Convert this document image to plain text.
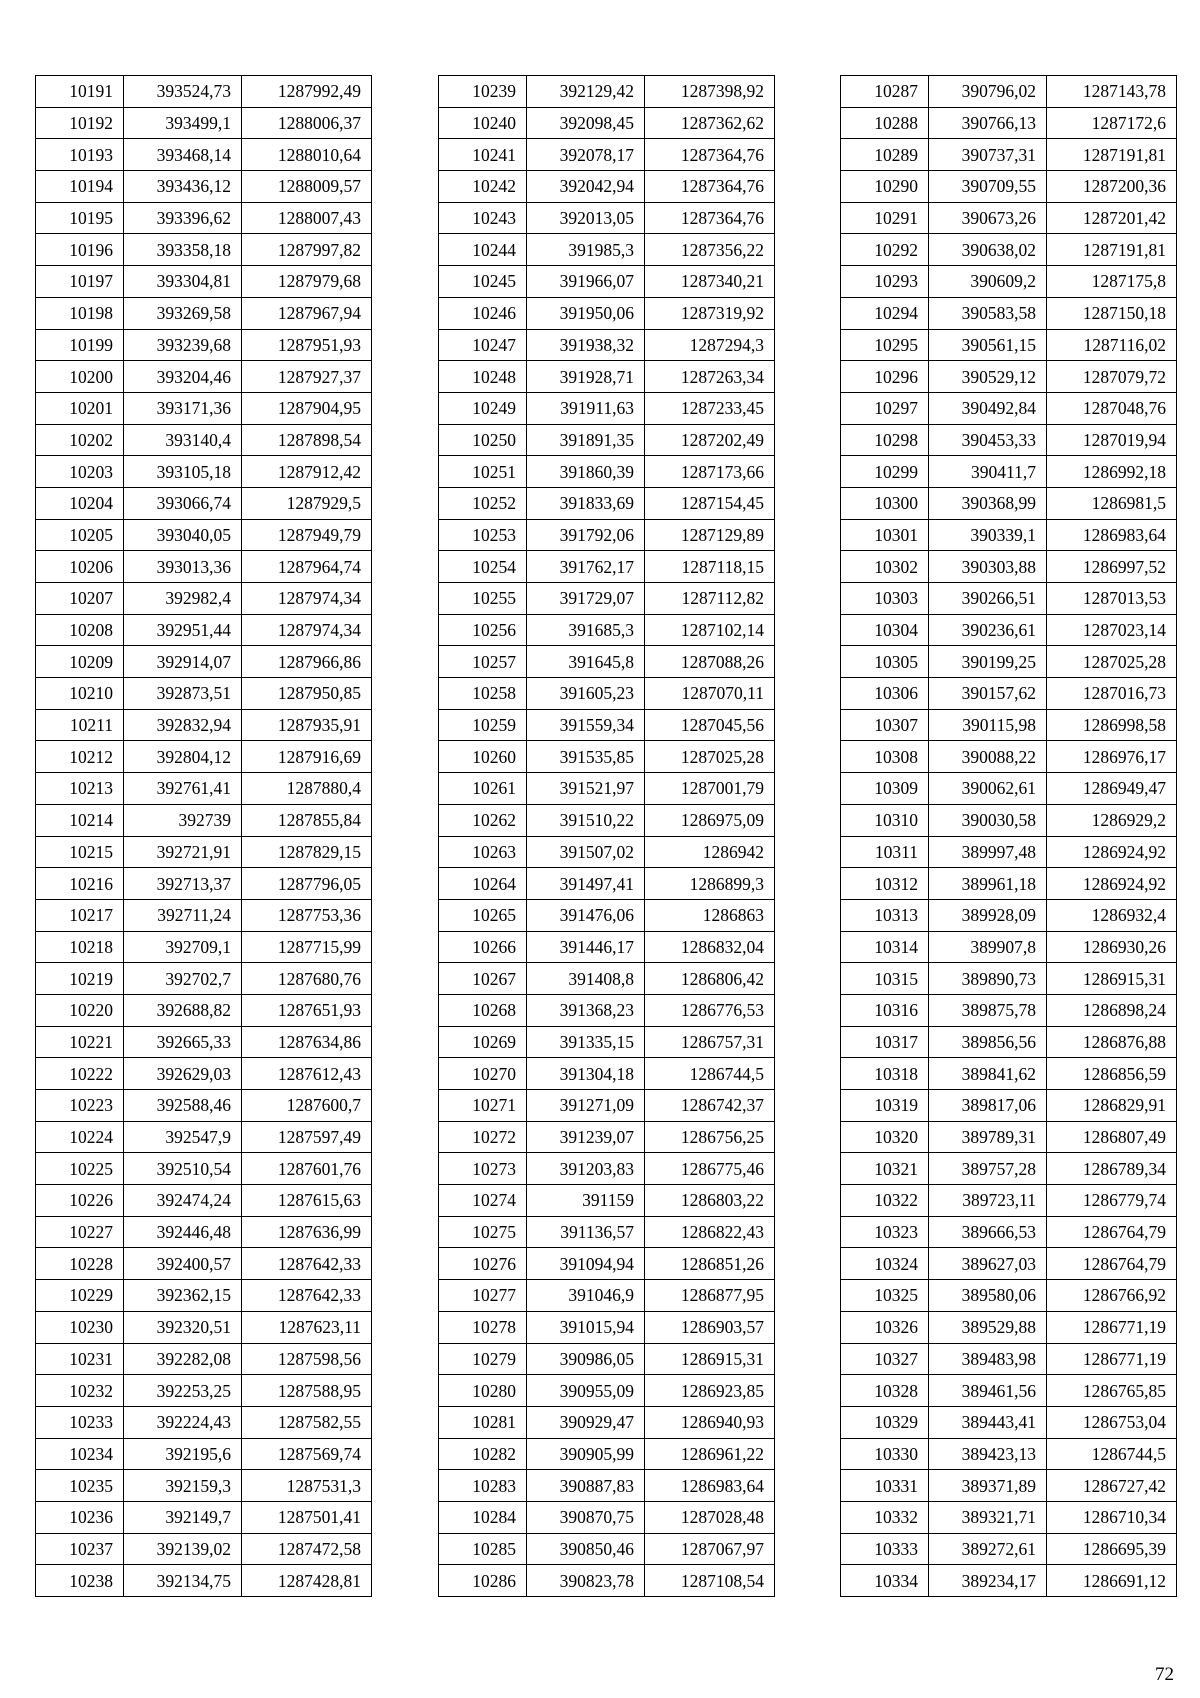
10191	393524,73	1287992,49
10192	393499,1	1288006,37
10193	393468,14	1288010,64
10194	393436,12	1288009,57
10195	393396,62	1288007,43
10196	393358,18	1287997,82
10197	393304,81	1287979,68
10198	393269,58	1287967,94
10199	393239,68	1287951,93
10200	393204,46	1287927,37
10201	393171,36	1287904,95
10202	393140,4	1287898,54
10203	393105,18	1287912,42
10204	393066,74	1287929,5
10205	393040,05	1287949,79
10206	393013,36	1287964,74
10207	392982,4	1287974,34
10208	392951,44	1287974,34
10209	392914,07	1287966,86
10210	392873,51	1287950,85
10211	392832,94	1287935,91
10212	392804,12	1287916,69
10213	392761,41	1287880,4
10214	392739	1287855,84
10215	392721,91	1287829,15
10216	392713,37	1287796,05
10217	392711,24	1287753,36
10218	392709,1	1287715,99
10219	392702,7	1287680,76
10220	392688,82	1287651,93
10221	392665,33	1287634,86
10222	392629,03	1287612,43
10223	392588,46	1287600,7
10224	392547,9	1287597,49
10225	392510,54	1287601,76
10226	392474,24	1287615,63
10227	392446,48	1287636,99
10228	392400,57	1287642,33
10229	392362,15	1287642,33
10230	392320,51	1287623,11
10231	392282,08	1287598,56
10232	392253,25	1287588,95
10233	392224,43	1287582,55
10234	392195,6	1287569,74
10235	392159,3	1287531,3
10236	392149,7	1287501,41
10237	392139,02	1287472,58
10238	392134,75	1287428,81
10239	392129,42	1287398,92
10240	392098,45	1287362,62
10241	392078,17	1287364,76
10242	392042,94	1287364,76
10243	392013,05	1287364,76
10244	391985,3	1287356,22
10245	391966,07	1287340,21
10246	391950,06	1287319,92
10247	391938,32	1287294,3
10248	391928,71	1287263,34
10249	391911,63	1287233,45
10250	391891,35	1287202,49
10251	391860,39	1287173,66
10252	391833,69	1287154,45
10253	391792,06	1287129,89
10254	391762,17	1287118,15
10255	391729,07	1287112,82
10256	391685,3	1287102,14
10257	391645,8	1287088,26
10258	391605,23	1287070,11
10259	391559,34	1287045,56
10260	391535,85	1287025,28
10261	391521,97	1287001,79
10262	391510,22	1286975,09
10263	391507,02	1286942
10264	391497,41	1286899,3
10265	391476,06	1286863
10266	391446,17	1286832,04
10267	391408,8	1286806,42
10268	391368,23	1286776,53
10269	391335,15	1286757,31
10270	391304,18	1286744,5
10271	391271,09	1286742,37
10272	391239,07	1286756,25
10273	391203,83	1286775,46
10274	391159	1286803,22
10275	391136,57	1286822,43
10276	391094,94	1286851,26
10277	391046,9	1286877,95
10278	391015,94	1286903,57
10279	390986,05	1286915,31
10280	390955,09	1286923,85
10281	390929,47	1286940,93
10282	390905,99	1286961,22
10283	390887,83	1286983,64
10284	390870,75	1287028,48
10285	390850,46	1287067,97
10286	390823,78	1287108,54
10287	390796,02	1287143,78
10288	390766,13	1287172,6
10289	390737,31	1287191,81
10290	390709,55	1287200,36
10291	390673,26	1287201,42
10292	390638,02	1287191,81
10293	390609,2	1287175,8
10294	390583,58	1287150,18
10295	390561,15	1287116,02
10296	390529,12	1287079,72
10297	390492,84	1287048,76
10298	390453,33	1287019,94
10299	390411,7	1286992,18
10300	390368,99	1286981,5
10301	390339,1	1286983,64
10302	390303,88	1286997,52
10303	390266,51	1287013,53
10304	390236,61	1287023,14
10305	390199,25	1287025,28
10306	390157,62	1287016,73
10307	390115,98	1286998,58
10308	390088,22	1286976,17
10309	390062,61	1286949,47
10310	390030,58	1286929,2
10311	389997,48	1286924,92
10312	389961,18	1286924,92
10313	389928,09	1286932,4
10314	389907,8	1286930,26
10315	389890,73	1286915,31
10316	389875,78	1286898,24
10317	389856,56	1286876,88
10318	389841,62	1286856,59
10319	389817,06	1286829,91
10320	389789,31	1286807,49
10321	389757,28	1286789,34
10322	389723,11	1286779,74
10323	389666,53	1286764,79
10324	389627,03	1286764,79
10325	389580,06	1286766,92
10326	389529,88	1286771,19
10327	389483,98	1286771,19
10328	389461,56	1286765,85
10329	389443,41	1286753,04
10330	389423,13	1286744,5
10331	389371,89	1286727,42
10332	389321,71	1286710,34
10333	389272,61	1286695,39
10334	389234,17	1286691,12
72
